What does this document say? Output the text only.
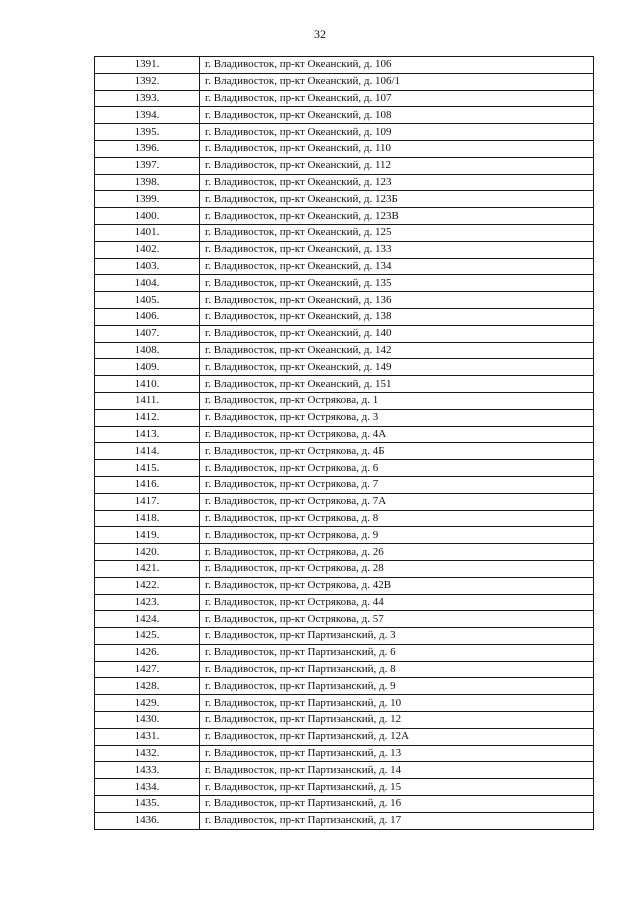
32
1391.	г. Владивосток, пр-кт Океанский, д. 106
1392.	г. Владивосток, пр-кт Океанский, д. 106/1
1393.	г. Владивосток, пр-кт Океанский, д. 107
1394.	г. Владивосток, пр-кт Океанский, д. 108
1395.	г. Владивосток, пр-кт Океанский, д. 109
1396.	г. Владивосток, пр-кт Океанский, д. 110
1397.	г. Владивосток, пр-кт Океанский, д. 112
1398.	г. Владивосток, пр-кт Океанский, д. 123
1399.	г. Владивосток, пр-кт Океанский, д. 123Б
1400.	г. Владивосток, пр-кт Океанский, д. 123В
1401.	г. Владивосток, пр-кт Океанский, д. 125
1402.	г. Владивосток, пр-кт Океанский, д. 133
1403.	г. Владивосток, пр-кт Океанский, д. 134
1404.	г. Владивосток, пр-кт Океанский, д. 135
1405.	г. Владивосток, пр-кт Океанский, д. 136
1406.	г. Владивосток, пр-кт Океанский, д. 138
1407.	г. Владивосток, пр-кт Океанский, д. 140
1408.	г. Владивосток, пр-кт Океанский, д. 142
1409.	г. Владивосток, пр-кт Океанский, д. 149
1410.	г. Владивосток, пр-кт Океанский, д. 151
1411.	г. Владивосток, пр-кт Острякова, д. 1
1412.	г. Владивосток, пр-кт Острякова, д. 3
1413.	г. Владивосток, пр-кт Острякова, д. 4А
1414.	г. Владивосток, пр-кт Острякова, д. 4Б
1415.	г. Владивосток, пр-кт Острякова, д. 6
1416.	г. Владивосток, пр-кт Острякова, д. 7
1417.	г. Владивосток, пр-кт Острякова, д. 7А
1418.	г. Владивосток, пр-кт Острякова, д. 8
1419.	г. Владивосток, пр-кт Острякова, д. 9
1420.	г. Владивосток, пр-кт Острякова, д. 26
1421.	г. Владивосток, пр-кт Острякова, д. 28
1422.	г. Владивосток, пр-кт Острякова, д. 42В
1423.	г. Владивосток, пр-кт Острякова, д. 44
1424.	г. Владивосток, пр-кт Острякова, д. 57
1425.	г. Владивосток, пр-кт Партизанский, д. 3
1426.	г. Владивосток, пр-кт Партизанский, д. 6
1427.	г. Владивосток, пр-кт Партизанский, д. 8
1428.	г. Владивосток, пр-кт Партизанский, д. 9
1429.	г. Владивосток, пр-кт Партизанский, д. 10
1430.	г. Владивосток, пр-кт Партизанский, д. 12
1431.	г. Владивосток, пр-кт Партизанский, д. 12А
1432.	г. Владивосток, пр-кт Партизанский, д. 13
1433.	г. Владивосток, пр-кт Партизанский, д. 14
1434.	г. Владивосток, пр-кт Партизанский, д. 15
1435.	г. Владивосток, пр-кт Партизанский, д. 16
1436.	г. Владивосток, пр-кт Партизанский, д. 17
